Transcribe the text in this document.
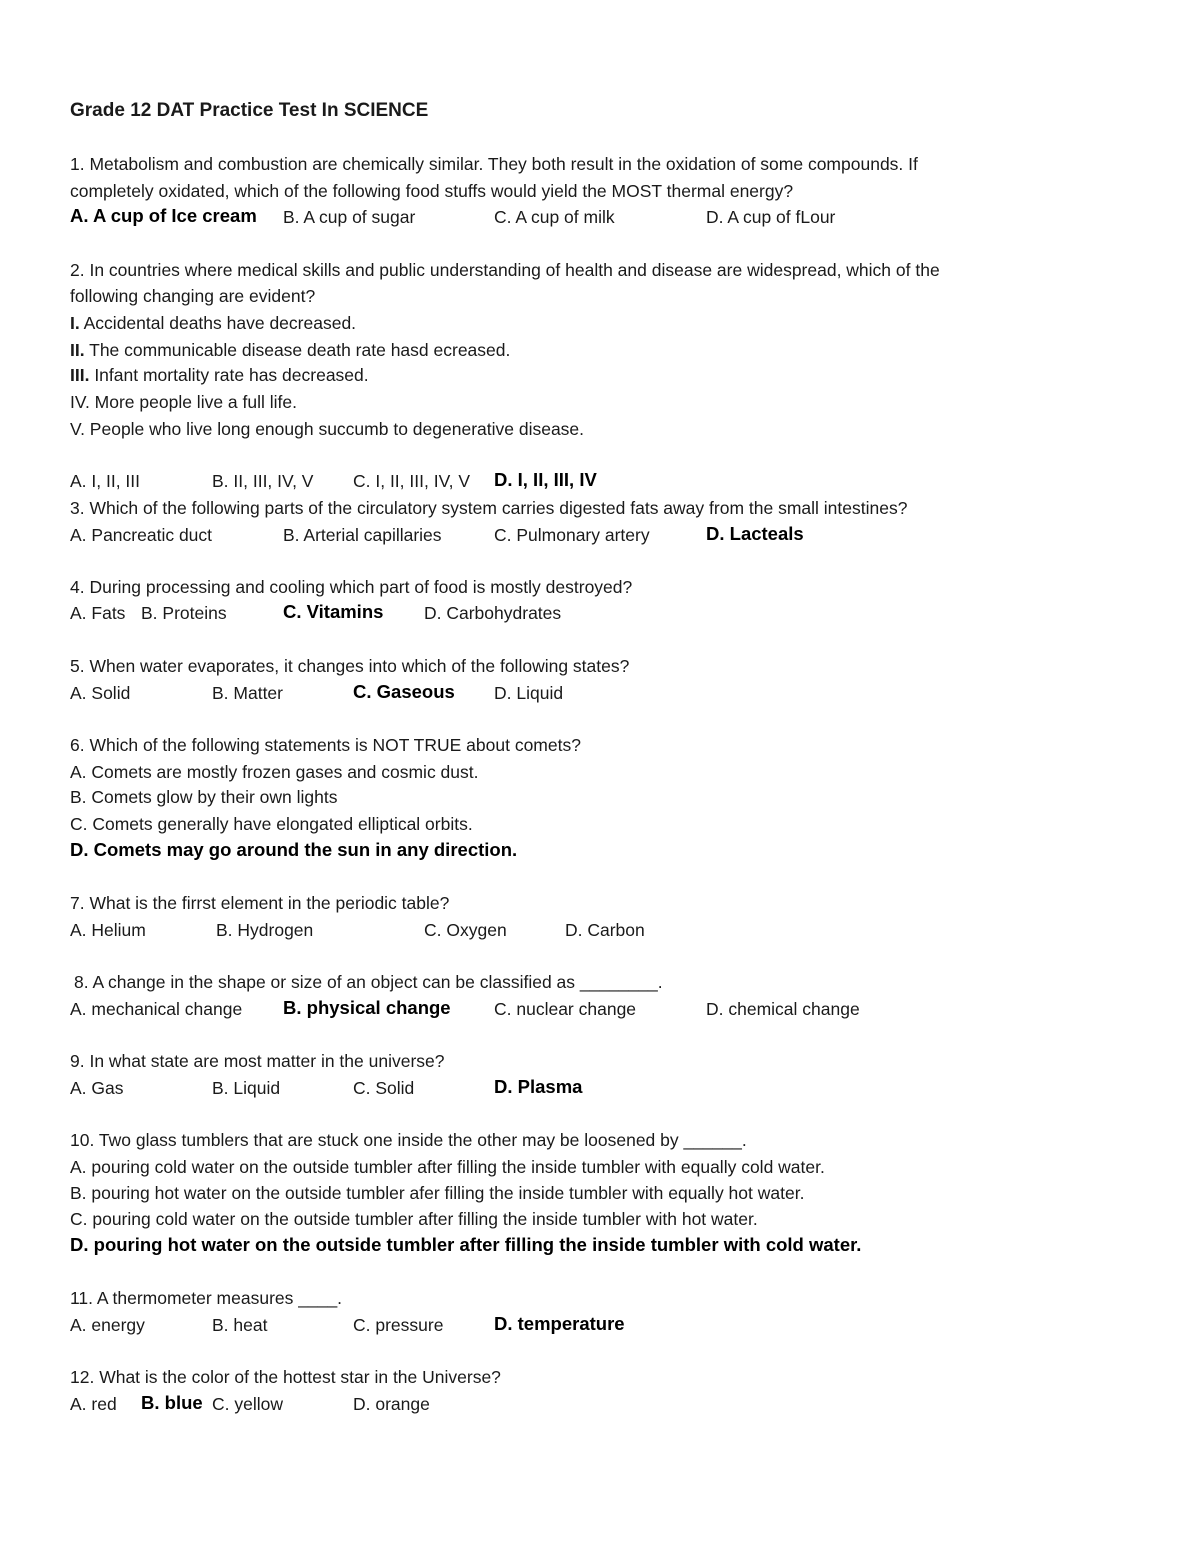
Grade 12 DAT Practice Test In SCIENCE
1. Metabolism and combustion are chemically similar. They both result in the oxidation of some compounds. If
completely oxidated, which of the following food stuffs would yield the MOST thermal energy?
A. A cup of Ice cream B. A cup of sugar	C. A cup of milk	D. A cup of fLour
2. In countries where medical skills and public understanding of health and disease are widespread, which of the
following changing are evident?
I. Accidental deaths have decreased.
II. The communicable disease death rate hasd ecreased.
III. Infant mortality rate has decreased.
IV. More people live a full life.
V. People who live long enough succumb to degenerative disease.
A. I, II, III	B. II, III, IV, V C. I, II, III, IV, V D. I, II, III, IV
3. Which of the following parts of the circulatory system carries digested fats away from the small intestines?
A. Pancreatic duct	B. Arterial capillaries	C. Pulmonary artery	D. Lacteals
4. During processing and cooling which part of food is mostly destroyed?
A. Fats B. Proteins	C. Vitamins D. Carbohydrates
5. When water evaporates, it changes into which of the following states?
A. Solid	B. Matter	C. Gaseous D. Liquid
6. Which of the following statements is NOT TRUE about comets?
A. Comets are mostly frozen gases and cosmic dust.
B. Comets glow by their own lights
C. Comets generally have elongated elliptical orbits.
D. Comets may go around the sun in any direction.
7. What is the firrst element in the periodic table?
A. Helium	B. Hydrogen	C. Oxygen	D. Carbon
8. A change in the shape or size of an object can be classified as ________.
A. mechanical change B. physical change C. nuclear change	D. chemical change
9. In what state are most matter in the universe?
A. Gas	B. Liquid	C. Solid	D. Plasma
10. Two glass tumblers that are stuck one inside the other may be loosened by ______.
A. pouring cold water on the outside tumbler after filling the inside tumbler with equally cold water.
B. pouring hot water on the outside tumbler afer filling the inside tumbler with equally hot water.
C. pouring cold water on the outside tumbler after filling the inside tumbler with hot water.
D. pouring hot water on the outside tumbler after filling the inside tumbler with cold water.
11. A thermometer measures ____.
A. energy	B. heat	C. pressure	D. temperature
12. What is the color of the hottest star in the Universe?
A. red B. blue C. yellow	D. orange
